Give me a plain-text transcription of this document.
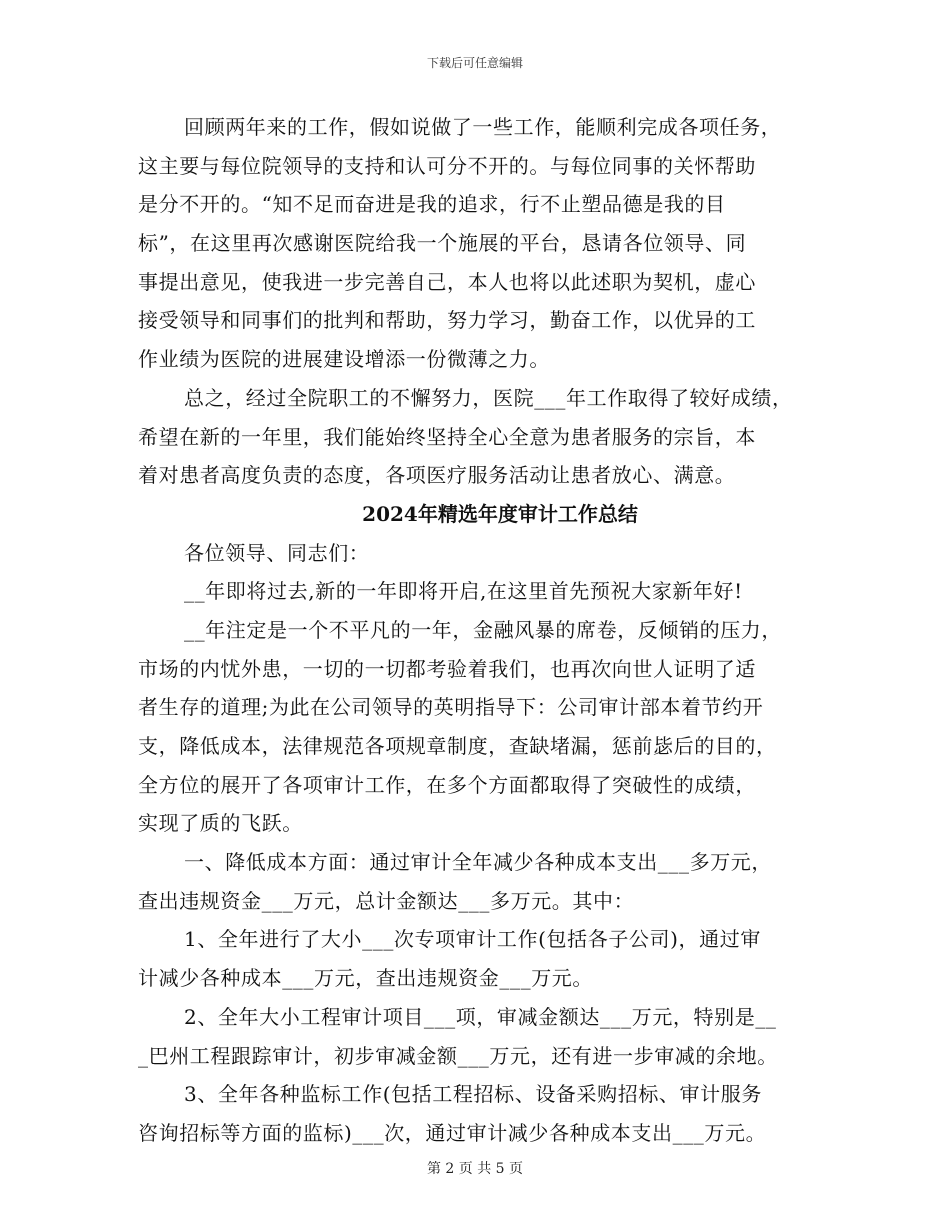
下载后可任意编辑
回顾两年来的工作，假如说做了一些工作，能顺利完成各项任务，
这主要与每位院领导的支持和认可分不开的。与每位同事的关怀帮助
是分不开的。“知不足而奋进是我的追求，行不止塑品德是我的目
标”，在这里再次感谢医院给我一个施展的平台，恳请各位领导、同
事提出意见，使我进一步完善自己，本人也将以此述职为契机，虚心
接受领导和同事们的批判和帮助，努力学习，勤奋工作，以优异的工
作业绩为医院的进展建设增添一份微薄之力。
总之，经过全院职工的不懈努力，医院___年工作取得了较好成绩，
希望在新的一年里，我们能始终坚持全心全意为患者服务的宗旨，本
着对患者高度负责的态度，各项医疗服务活动让患者放心、满意。
2024年精选年度审计工作总结
各位领导、同志们：
__年即将过去,新的一年即将开启,在这里首先预祝大家新年好!
__年注定是一个不平凡的一年，金融风暴的席卷，反倾销的压力，
市场的内忧外患，一切的一切都考验着我们，也再次向世人证明了适
者生存的道理;为此在公司领导的英明指导下：公司审计部本着节约开
支，降低成本，法律规范各项规章制度，查缺堵漏，惩前毖后的目的，
全方位的展开了各项审计工作，在多个方面都取得了突破性的成绩，
实现了质的飞跃。
一、降低成本方面：通过审计全年减少各种成本支出___多万元，
查出违规资金___万元，总计金额达___多万元。其中：
1、全年进行了大小___次专项审计工作(包括各子公司)，通过审
计减少各种成本___万元，查出违规资金___万元。
2、全年大小工程审计项目___项，审减金额达___万元，特别是__
_巴州工程跟踪审计，初步审减金额___万元，还有进一步审减的余地。
3、全年各种监标工作(包括工程招标、设备采购招标、审计服务
咨询招标等方面的监标)___次，通过审计减少各种成本支出___万元。
第 2 页 共 5 页
